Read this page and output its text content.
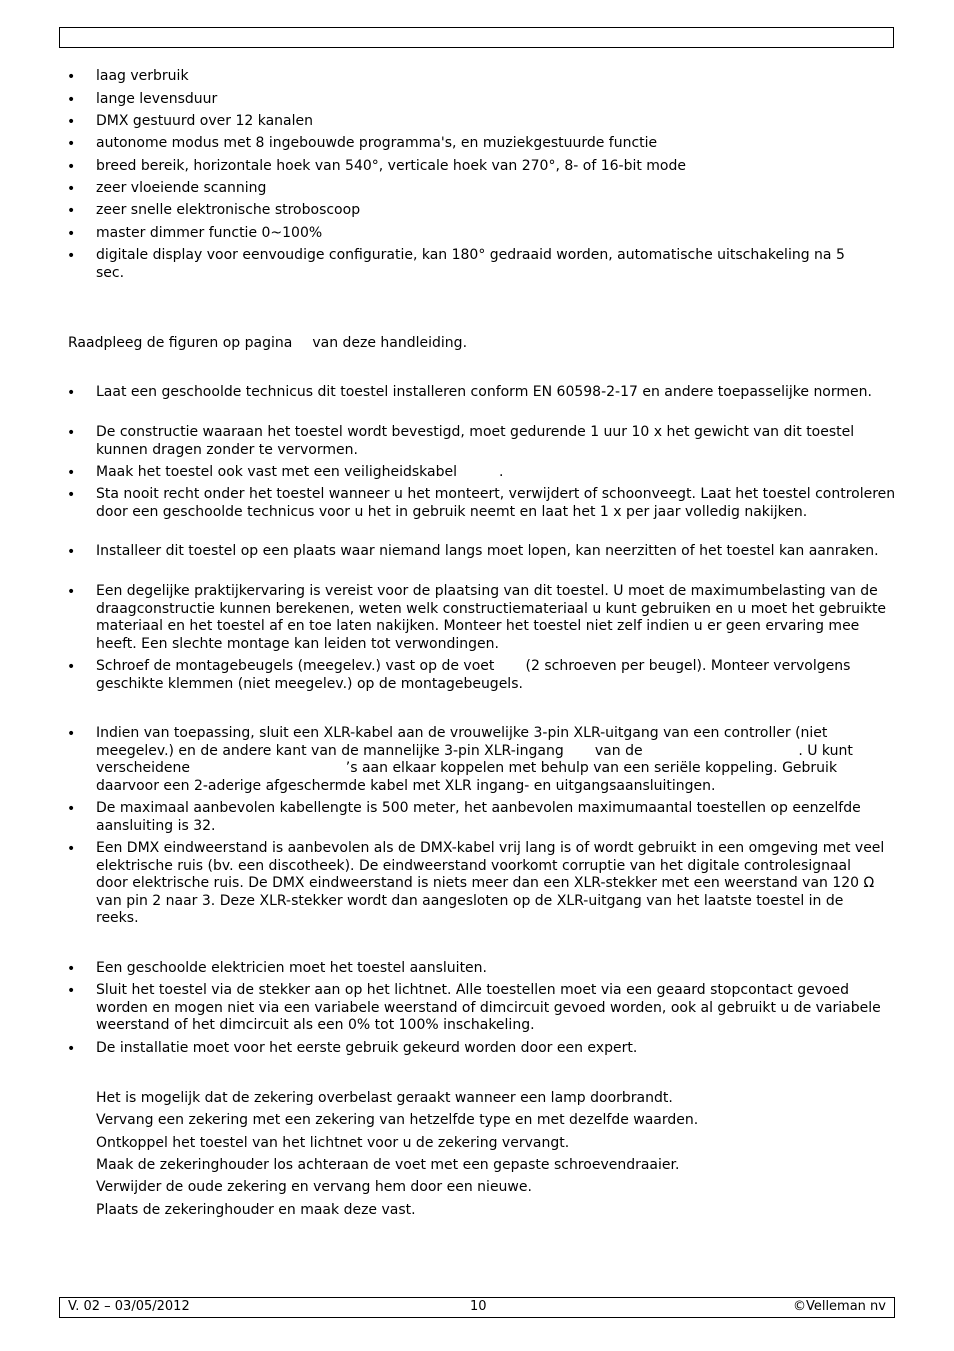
• laag verbruik
• lange levensduur
• DMX gestuurd over 12 kanalen
• autonome modus met 8 ingebouwde programma's, en muziekgestuurde functie
• breed bereik, horizontale hoek van 540°, verticale hoek van 270°, 8- of 16-bit mode
• zeer vloeiende scanning
• zeer snelle elektronische stroboscoop
• master dimmer functie 0~100%
• digitale display voor eenvoudige configuratie, kan 180° gedraaid worden, automatische uitschakeling na 5 sec.
Raadpleeg de figuren op pagina van deze handleiding.
• Laat een geschoolde technicus dit toestel installeren conform EN 60598-2-17 en andere toepasselijke normen.
• De constructie waaraan het toestel wordt bevestigd, moet gedurende 1 uur 10 x het gewicht van dit toestel kunnen dragen zonder te vervormen.
• Maak het toestel ook vast met een veiligheidskabel	.
• Sta nooit recht onder het toestel wanneer u het monteert, verwijdert of schoonveegt. Laat het toestel controleren door een geschoolde technicus voor u het in gebruik neemt en laat het 1 x per jaar volledig nakijken.
• Installeer dit toestel op een plaats waar niemand langs moet lopen, kan neerzitten of het toestel kan aanraken.
• Een degelijke praktijkervaring is vereist voor de plaatsing van dit toestel. U moet de maximumbelasting van de draagconstructie kunnen berekenen, weten welk constructiemateriaal u kunt gebruiken en u moet het gebruikte materiaal en het toestel af en toe laten nakijken. Monteer het toestel niet zelf indien u er geen ervaring mee heeft. Een slechte montage kan leiden tot verwondingen.
• Schroef de montagebeugels (meegelev.) vast op de voet       (2 schroeven per beugel). Monteer vervolgens geschikte klemmen (niet meegelev.) op de montagebeugels.
• Indien van toepassing, sluit een XLR-kabel aan de vrouwelijke 3-pin XLR-uitgang van een controller (niet meegelev.) en de andere kant van de mannelijke 3-pin XLR-ingang       van de                                   . U kunt verscheidene                                   ’s aan elkaar koppelen met behulp van een seriële koppeling. Gebruik daarvoor een 2-aderige afgeschermde kabel met XLR ingang- en uitgangsaansluitingen.
• De maximaal aanbevolen kabellengte is 500 meter, het aanbevolen maximumaantal toestellen op eenzelfde aansluiting is 32.
• Een DMX eindweerstand is aanbevolen als de DMX-kabel vrij lang is of wordt gebruikt in een omgeving met veel elektrische ruis (bv. een discotheek). De eindweerstand voorkomt corruptie van het digitale controlesignaal door elektrische ruis. De DMX eindweerstand is niets meer dan een XLR-stekker met een weerstand van 120 Ω van pin 2 naar 3. Deze XLR-stekker wordt dan aangesloten op de XLR-uitgang van het laatste toestel in de reeks.
• Een geschoolde elektricien moet het toestel aansluiten.
• Sluit het toestel via de stekker aan op het lichtnet. Alle toestellen moet via een geaard stopcontact gevoed worden en mogen niet via een variabele weerstand of dimcircuit gevoed worden, ook al gebruikt u de variabele weerstand of het dimcircuit als een 0% tot 100% inschakeling.
• De installatie moet voor het eerste gebruik gekeurd worden door een expert.
Het is mogelijk dat de zekering overbelast geraakt wanneer een lamp doorbrandt.
Vervang een zekering met een zekering van hetzelfde type en met dezelfde waarden.
Ontkoppel het toestel van het lichtnet voor u de zekering vervangt.
Maak de zekeringhouder los achteraan de voet met een gepaste schroevendraaier.
Verwijder de oude zekering en vervang hem door een nieuwe.
Plaats de zekeringhouder en maak deze vast.
V. 02 – 03/05/2012	10	©Velleman nv
